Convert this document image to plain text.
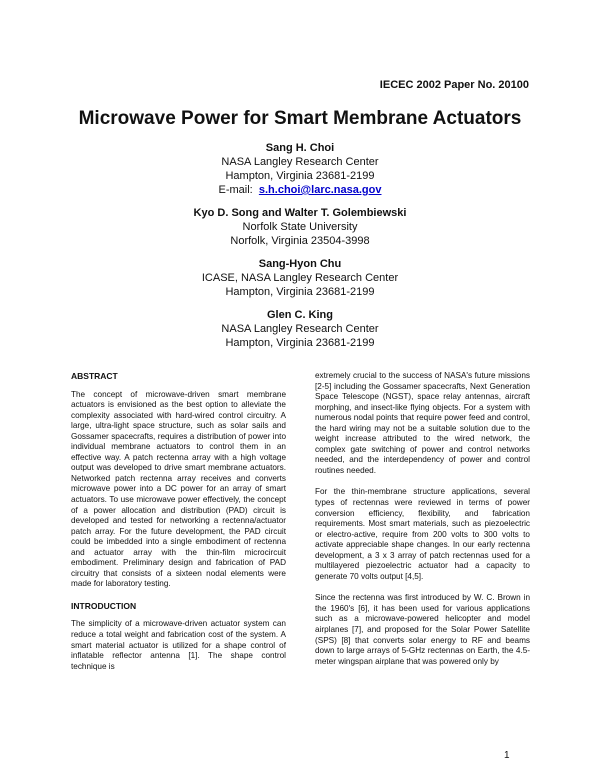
IECEC 2002 Paper No. 20100

Microwave Power for Smart Membrane Actuators
Sang H. Choi
NASA Langley Research Center
Hampton, Virginia 23681-2199
E-mail: s.h.choi@larc.nasa.gov
Kyo D. Song and Walter T. Golembiewski
Norfolk State University
Norfolk, Virginia 23504-3998
Sang-Hyon Chu
ICASE, NASA Langley Research Center
Hampton, Virginia 23681-2199
Glen C. King
NASA Langley Research Center
Hampton, Virginia 23681-2199
ABSTRACT

The concept of microwave-driven smart membrane actuators is envisioned as the best option to alleviate the complexity associated with hard-wired control circuitry. A large, ultra-light space structure, such as solar sails and Gossamer spacecrafts, requires a distribution of power into individual membrane actuators to control them in an effective way. A patch rectenna array with a high voltage output was developed to drive smart membrane actuators. Networked patch rectenna array receives and converts microwave power into a DC power for an array of smart actuators. To use microwave power effectively, the concept of a power allocation and distribution (PAD) circuit is developed and tested for networking a rectenna/actuator patch array. For the future development, the PAD circuit could be imbedded into a single embodiment of rectenna and actuator array with the thin-film microcircuit embodiment. Preliminary design and fabrication of PAD circuitry that consists of a sixteen nodal elements were made for laboratory testing.

INTRODUCTION

The simplicity of a microwave-driven actuator system can reduce a total weight and fabrication cost of the system. A smart material actuator is utilized for a shape control of inflatable reflector antenna [1]. The shape control technique is

extremely crucial to the success of NASA's future missions [2-5] including the Gossamer spacecrafts, Next Generation Space Telescope (NGST), space relay antennas, aircraft morphing, and insect-like flying objects. For a system with numerous nodal points that require power feed and control, the hard wiring may not be a suitable solution due to the weight increase attributed to the wired network, the complex gate switching of power and control networks needed, and the interdependency of power and control routines needed.

For the thin-membrane structure applications, several types of rectennas were reviewed in terms of power conversion efficiency, flexibility, and fabrication requirements. Most smart materials, such as piezoelectric or electro-active, require from 200 volts to 300 volts to activate appreciable shape changes. In our early rectenna development, a 3 x 3 array of patch rectennas used for a multilayered piezoelectric actuator had a capacity to generate 70 volts output [4,5].

Since the rectenna was first introduced by W. C. Brown in the 1960's [6], it has been used for various applications such as a microwave-powered helicopter and model airplanes [7], and proposed for the Solar Power Satellite (SPS) [8] that converts solar energy to RF and beams down to large arrays of 5-GHz rectennas on Earth, the 4.5-meter wingspan airplane that was powered only by

1
